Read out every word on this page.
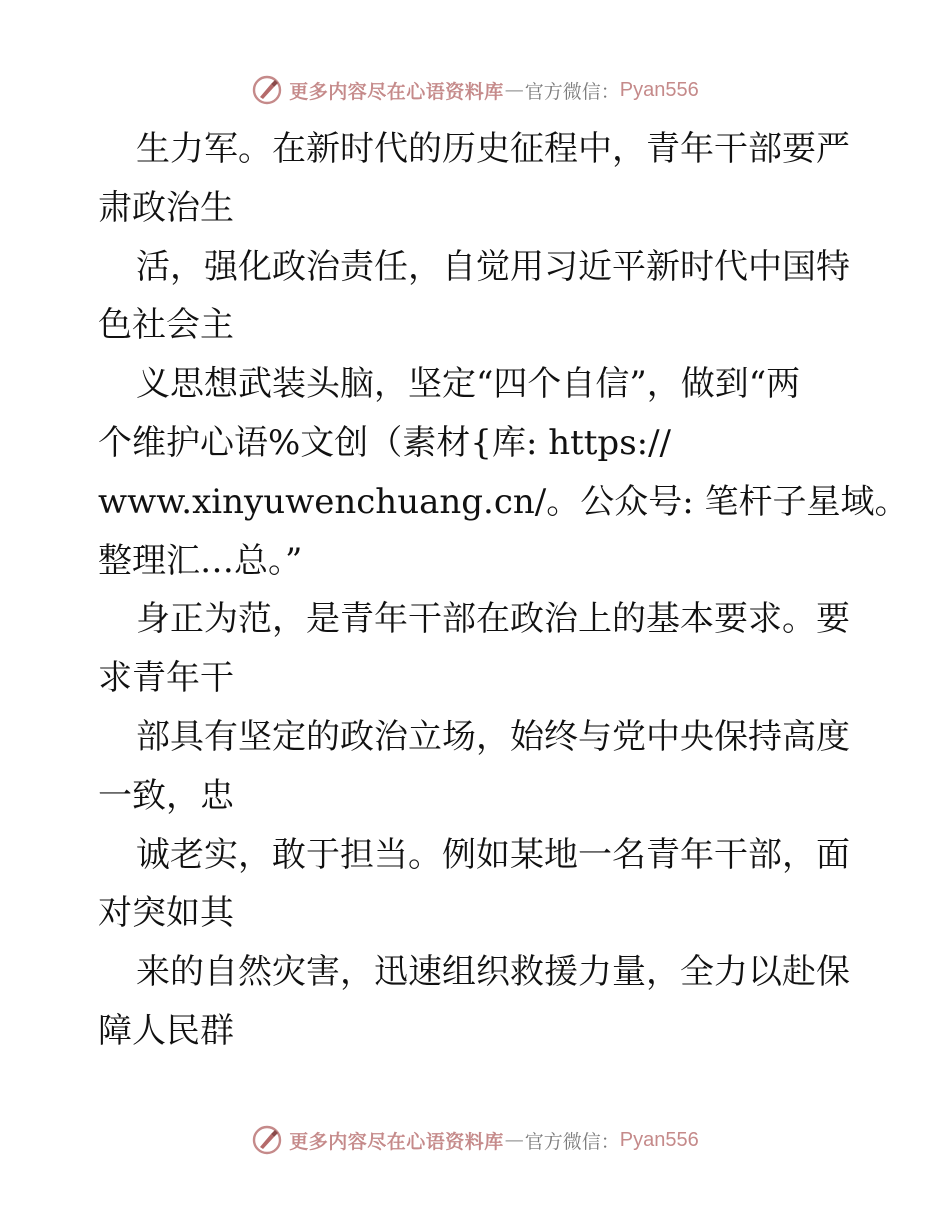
更多内容尽在心语资料库 — 官方微信： Pyan556
生力军。在新时代的历史征程中，青年干部要严
肃政治生
活，强化政治责任，自觉用习近平新时代中国特
色社会主
义思想武装头脑，坚定“四个自信”，做到“两
个维护心语%文创（素材{库: https://
www.xinyuwenchuang.cn/。公众号: 笔杆子星域。
整理汇…总。”
身正为范，是青年干部在政治上的基本要求。要
求青年干
部具有坚定的政治立场，始终与党中央保持高度
一致，忠
诚老实，敢于担当。例如某地一名青年干部，面
对突如其
来的自然灾害，迅速组织救援力量，全力以赴保
障人民群
更多内容尽在心语资料库 — 官方微信： Pyan556
